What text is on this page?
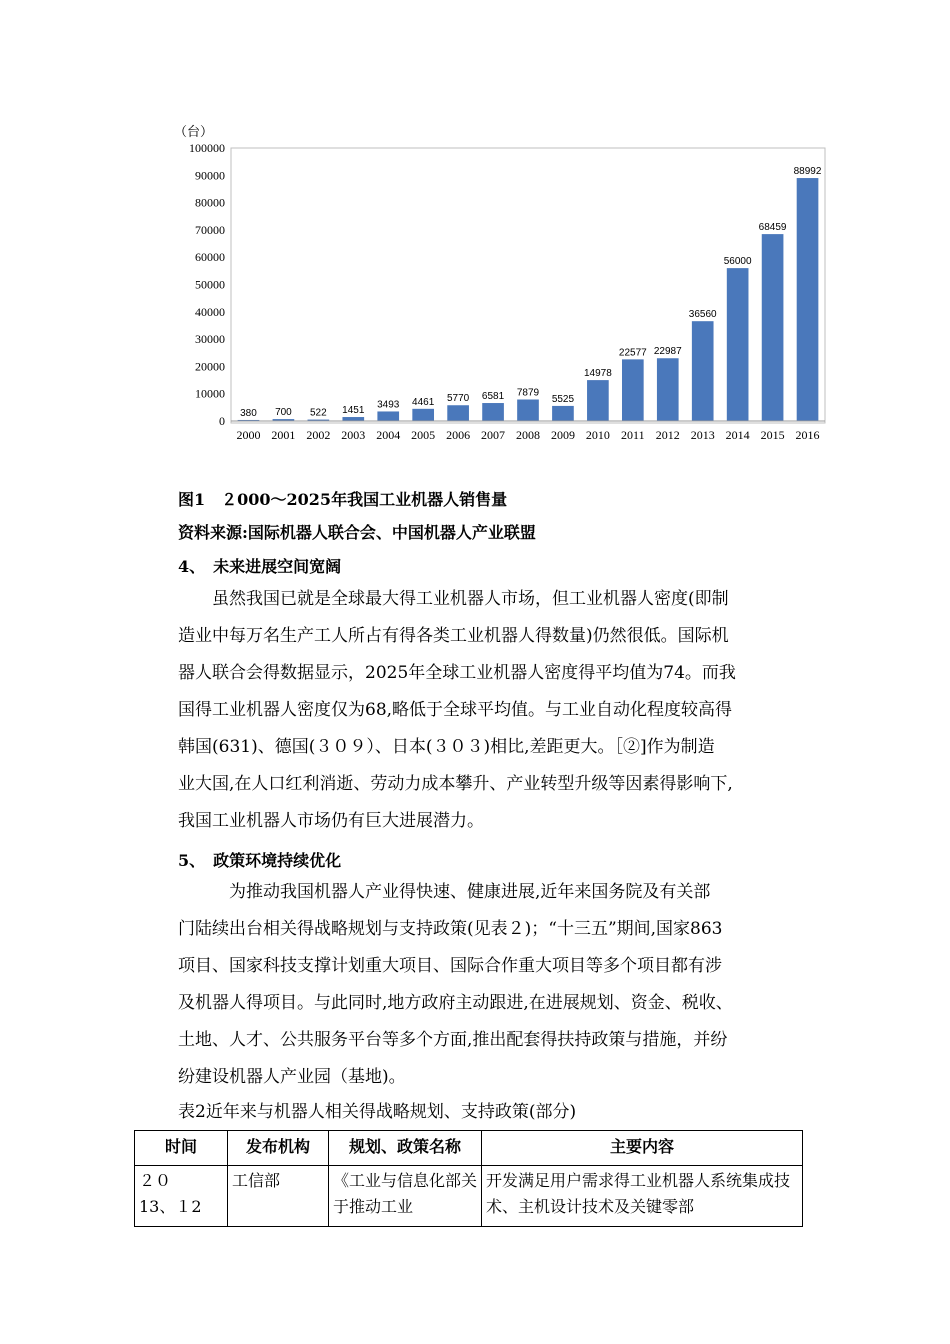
（台）
0
10000
20000
30000
40000
50000
60000
70000
80000
90000
100000
380 700 522 1451
3493 4461 5770 6581 7879
5525
14978
22577 22987
36560
56000
68459
88992
2000 2001 2002 2003 2004 2005 2006 2007 2008 2009 2010 2011 2012 2013 2014 2015 2016
图1　２000～2025年我国工业机器人销售量
资料来源:国际机器人联合会、中国机器人产业联盟
4、　未来进展空间宽阔
　　虽然我国已就是全球最大得工业机器人市场，但工业机器人密度(即制
造业中每万名生产工人所占有得各类工业机器人得数量)仍然很低。国际机
器人联合会得数据显示，2025年全球工业机器人密度得平均值为74。而我
国得工业机器人密度仅为68,略低于全球平均值。与工业自动化程度较高得
韩国(631)、德国(３０９）、日本(３０３)相比,差距更大。［②]作为制造
业大国,在人口红利消逝、劳动力成本攀升、产业转型升级等因素得影响下,
我国工业机器人市场仍有巨大进展潜力。
5、　政策环境持续优化
　　　为推动我国机器人产业得快速、健康进展,近年来国务院及有关部
门陆续出台相关得战略规划与支持政策(见表２)；“十三五”期间,国家863
项目、国家科技支撑计划重大项目、国际合作重大项目等多个项目都有涉
及机器人得项目。与此同时,地方政府主动跟进,在进展规划、资金、税收、
土地、人才、公共服务平台等多个方面,推出配套得扶持政策与措施，并纷
纷建设机器人产业园（基地)。
表2近年来与机器人相关得战略规划、支持政策(部分)
时间	发布机构	规划、政策名称	主要内容

２０
13、１2	工信部	《工业与信息化部关于推动工业	开发满足用户需求得工业机器人系统集成技术、主机设计技术及关键零部
